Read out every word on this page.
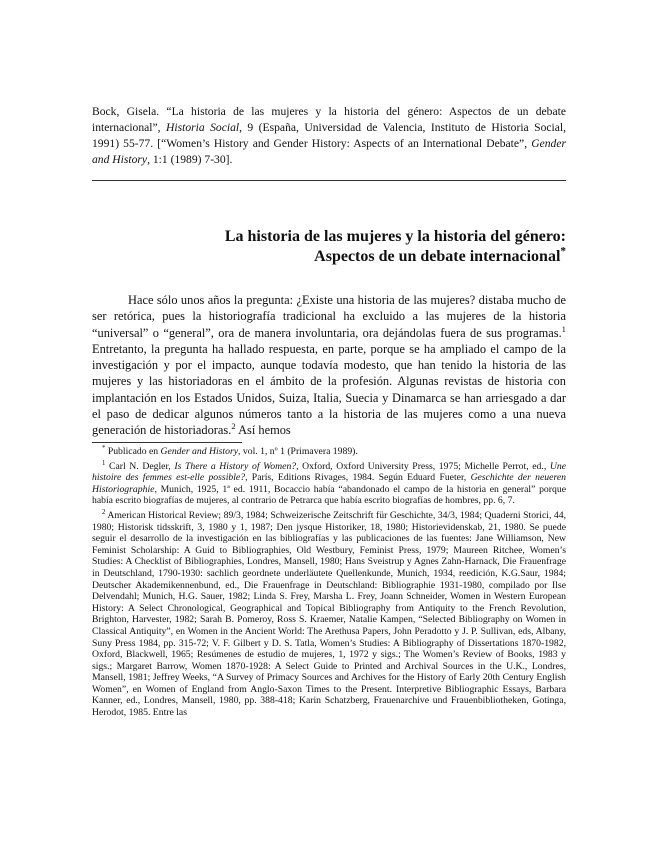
Bock, Gisela. “La historia de las mujeres y la historia del género: Aspectos de un debate internacional”, Historia Social, 9 (España, Universidad de Valencia, Instituto de Historia Social, 1991) 55-77. [“Women’s History and Gender History: Aspects of an International Debate”, Gender and History, 1:1 (1989) 7-30].
La historia de las mujeres y la historia del género:
Aspectos de un debate internacional*

Hace sólo unos años la pregunta: ¿Existe una historia de las mujeres? distaba mucho de ser retórica, pues la historiografía tradicional ha excluido a las mujeres de la historia “universal” o “general”, ora de manera involuntaria, ora dejándolas fuera de sus programas.$^1$ Entretanto, la pregunta ha hallado respuesta, en parte, porque se ha ampliado el campo de la investigación y por el impacto, aunque todavía modesto, que han tenido la historia de las mujeres y las historiadoras en el ámbito de la profesión. Algunas revistas de historia con implantación en los Estados Unidos, Suiza, Italia, Suecia y Dinamarca se han arriesgado a dar el paso de dedicar algunos números tanto a la historia de las mujeres como a una nueva generación de historiadoras.$^2$ Así hemos

* Publicado en Gender and History, vol. 1, nº 1 (Primavera 1989).

$^1$ Carl N. Degler, Is There a History of Women?, Oxford, Oxford University Press, 1975; Michelle Perrot, ed., Une histoire des femmes est-elle possible?, París, Editions Rivages, 1984. Según Eduard Fueter, Geschichte der neueren Historiographie, Munich, 1925, 1ª ed. 1911, Bocaccio había “abandonado el campo de la historia en general” porque había escrito biografías de mujeres, al contrario de Petrarca que había escrito biografías de hombres, pp. 6, 7.

$^2$ American Historical Review; 89/3, 1984; Schweizerische Zeitschrift für Geschichte, 34/3, 1984; Quaderni Storici, 44, 1980; Historisk tidsskrift, 3, 1980 y 1, 1987; Den jysque Historiker, 18, 1980; Historievidenskab, 21, 1980. Se puede seguir el desarrollo de la investigación en las bibliografías y las publicaciones de las fuentes: Jane Williamson, New Feminist Scholarship: A Guid to Bibliographies, Old Westbury, Feminist Press, 1979; Maureen Ritchee, Women’s Studies: A Checklist of Bibliographies, Londres, Mansell, 1980; Hans Sveistrup y Agnes Zahn-Harnack, Die Frauenfrage in Deutschland, 1790-1930: sachlich geordnete underläutete Quellenkunde, Munich, 1934, reedición, K.G.Saur, 1984; Deutscher Akademikennenbund, ed., Die Frauenfrage in Deutschland: Bibliographie 1931-1980, compilado por Ilse Delvendahl; Munich, H.G. Sauer, 1982; Linda S. Frey, Marsha L. Frey, Joann Schneider, Women in Western European History: A Select Chronological, Geographical and Topical Bibliography from Antiquity to the French Revolution, Brighton, Harvester, 1982; Sarah B. Pomeroy, Ross S. Kraemer, Natalie Kampen, “Selected Bibliography on Women in Classical Antiquity”, en Women in the Ancient World: The Arethusa Papers, John Peradotto y J. P. Sullivan, eds, Albany, Suny Press 1984, pp. 315-72; V. F. Gilbert y D. S. Tatla, Women’s Studies: A Bibliography of Dissertations 1870-1982, Oxford, Blackwell, 1965; Resúmenes de estudio de mujeres, 1, 1972 y sigs.; The Women’s Review of Books, 1983 y sigs.; Margaret Barrow, Women 1870-1928: A Select Guide to Printed and Archival Sources in the U.K., Londres, Mansell, 1981; Jeffrey Weeks, “A Survey of Primacy Sources and Archives for the History of Early 20th Century English Women”, en Women of England from Anglo-Saxon Times to the Present. Interpretive Bibliographic Essays, Barbara Kanner, ed., Londres, Mansell, 1980, pp. 388-418; Karin Schatzberg, Frauenarchive und Frauenbibliotheken, Gotinga, Herodot, 1985. Entre las
